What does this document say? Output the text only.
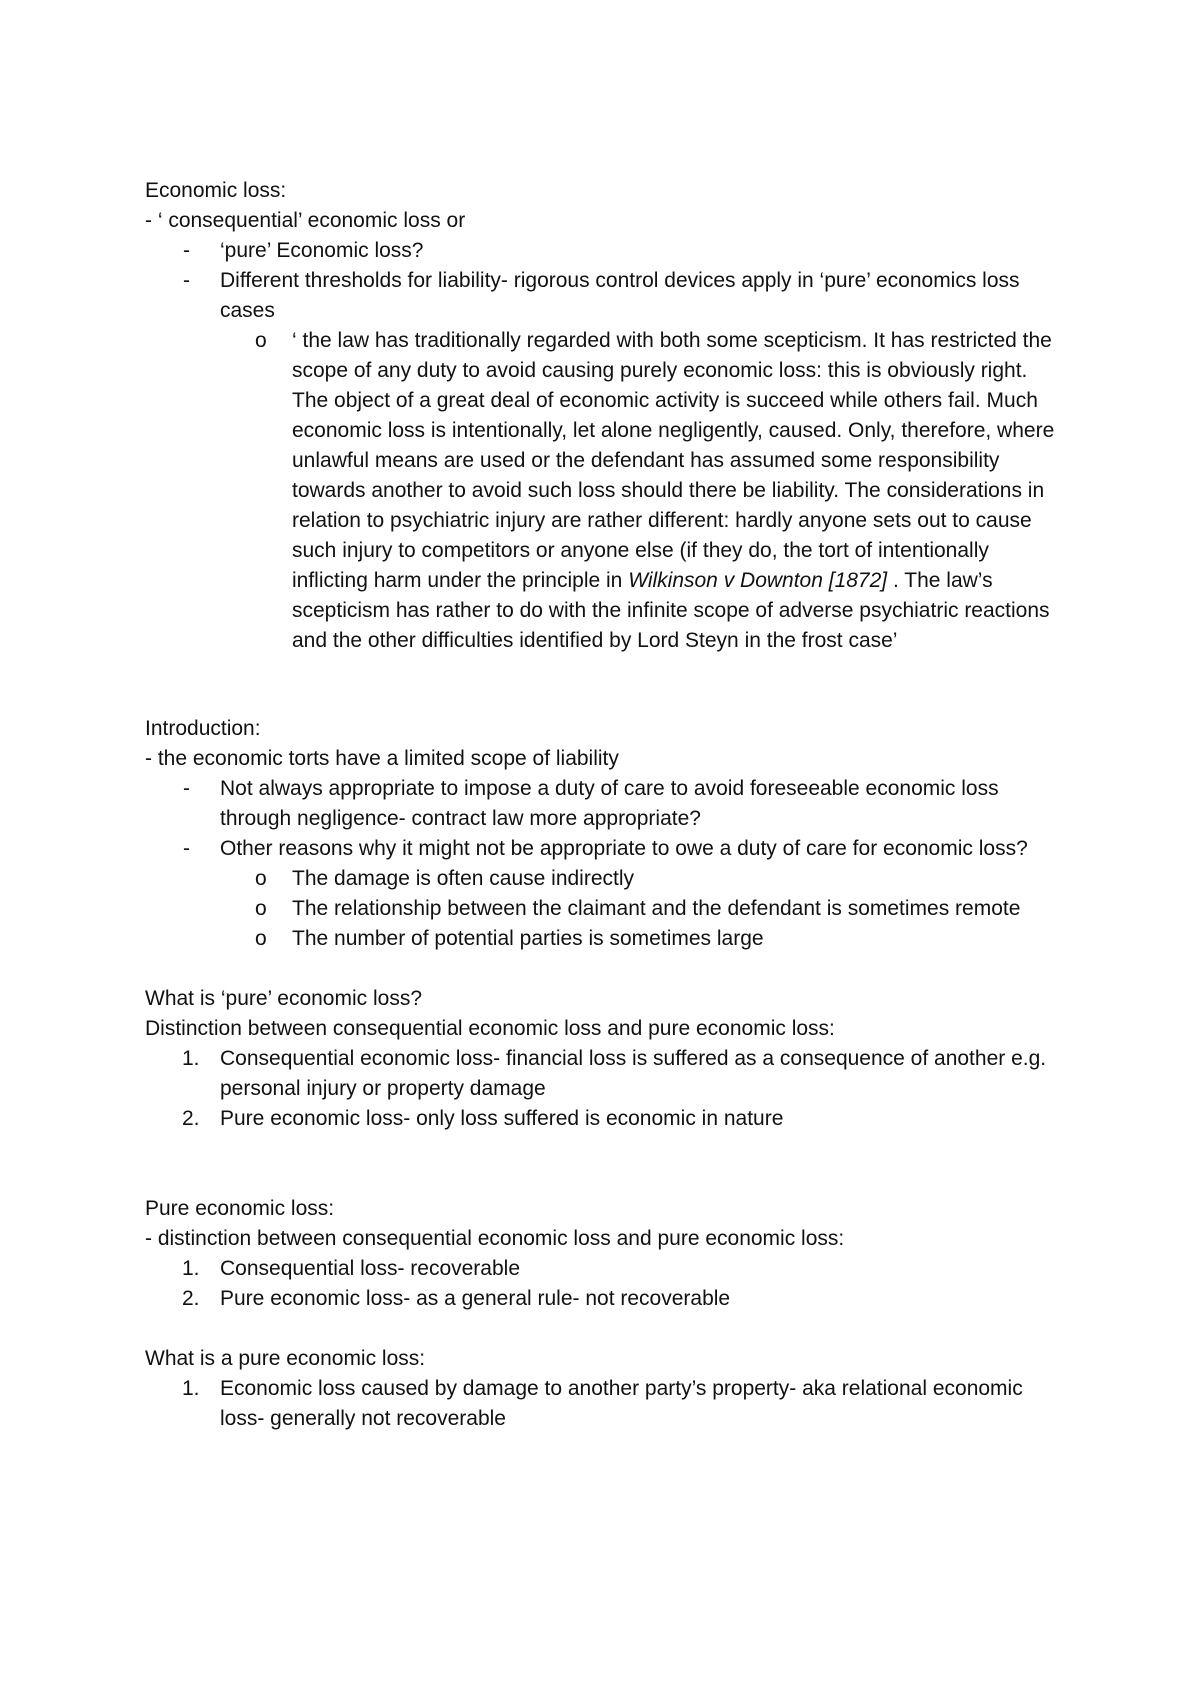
Economic loss:

- ‘ consequential’ economic loss or

- ‘pure’ Economic loss?
- Different thresholds for liability- rigorous control devices apply in ‘pure’ economics loss cases
o ‘ the law has traditionally regarded with both some scepticism. It has restricted the scope of any duty to avoid causing purely economic loss: this is obviously right. The object of a great deal of economic activity is succeed while others fail. Much economic loss is intentionally, let alone negligently, caused. Only, therefore, where unlawful means are used or the defendant has assumed some responsibility towards another to avoid such loss should there be liability. The considerations in relation to psychiatric injury are rather different: hardly anyone sets out to cause such injury to competitors or anyone else (if they do, the tort of intentionally inflicting harm under the principle in Wilkinson v Downton [1872] . The law’s scepticism has rather to do with the infinite scope of adverse psychiatric reactions and the other difficulties identified by Lord Steyn in the frost case’

Introduction:

- the economic torts have a limited scope of liability

- Not always appropriate to impose a duty of care to avoid foreseeable economic loss through negligence- contract law more appropriate?
- Other reasons why it might not be appropriate to owe a duty of care for economic loss?
o The damage is often cause indirectly
o The relationship between the claimant and the defendant is sometimes remote
o The number of potential parties is sometimes large

What is ‘pure’ economic loss?

Distinction between consequential economic loss and pure economic loss:

1. Consequential economic loss- financial loss is suffered as a consequence of another e.g. personal injury or property damage
2. Pure economic loss- only loss suffered is economic in nature

Pure economic loss:

- distinction between consequential economic loss and pure economic loss:

1. Consequential loss- recoverable
2. Pure economic loss- as a general rule- not recoverable

What is a pure economic loss:

1. Economic loss caused by damage to another party’s property- aka relational economic loss- generally not recoverable
